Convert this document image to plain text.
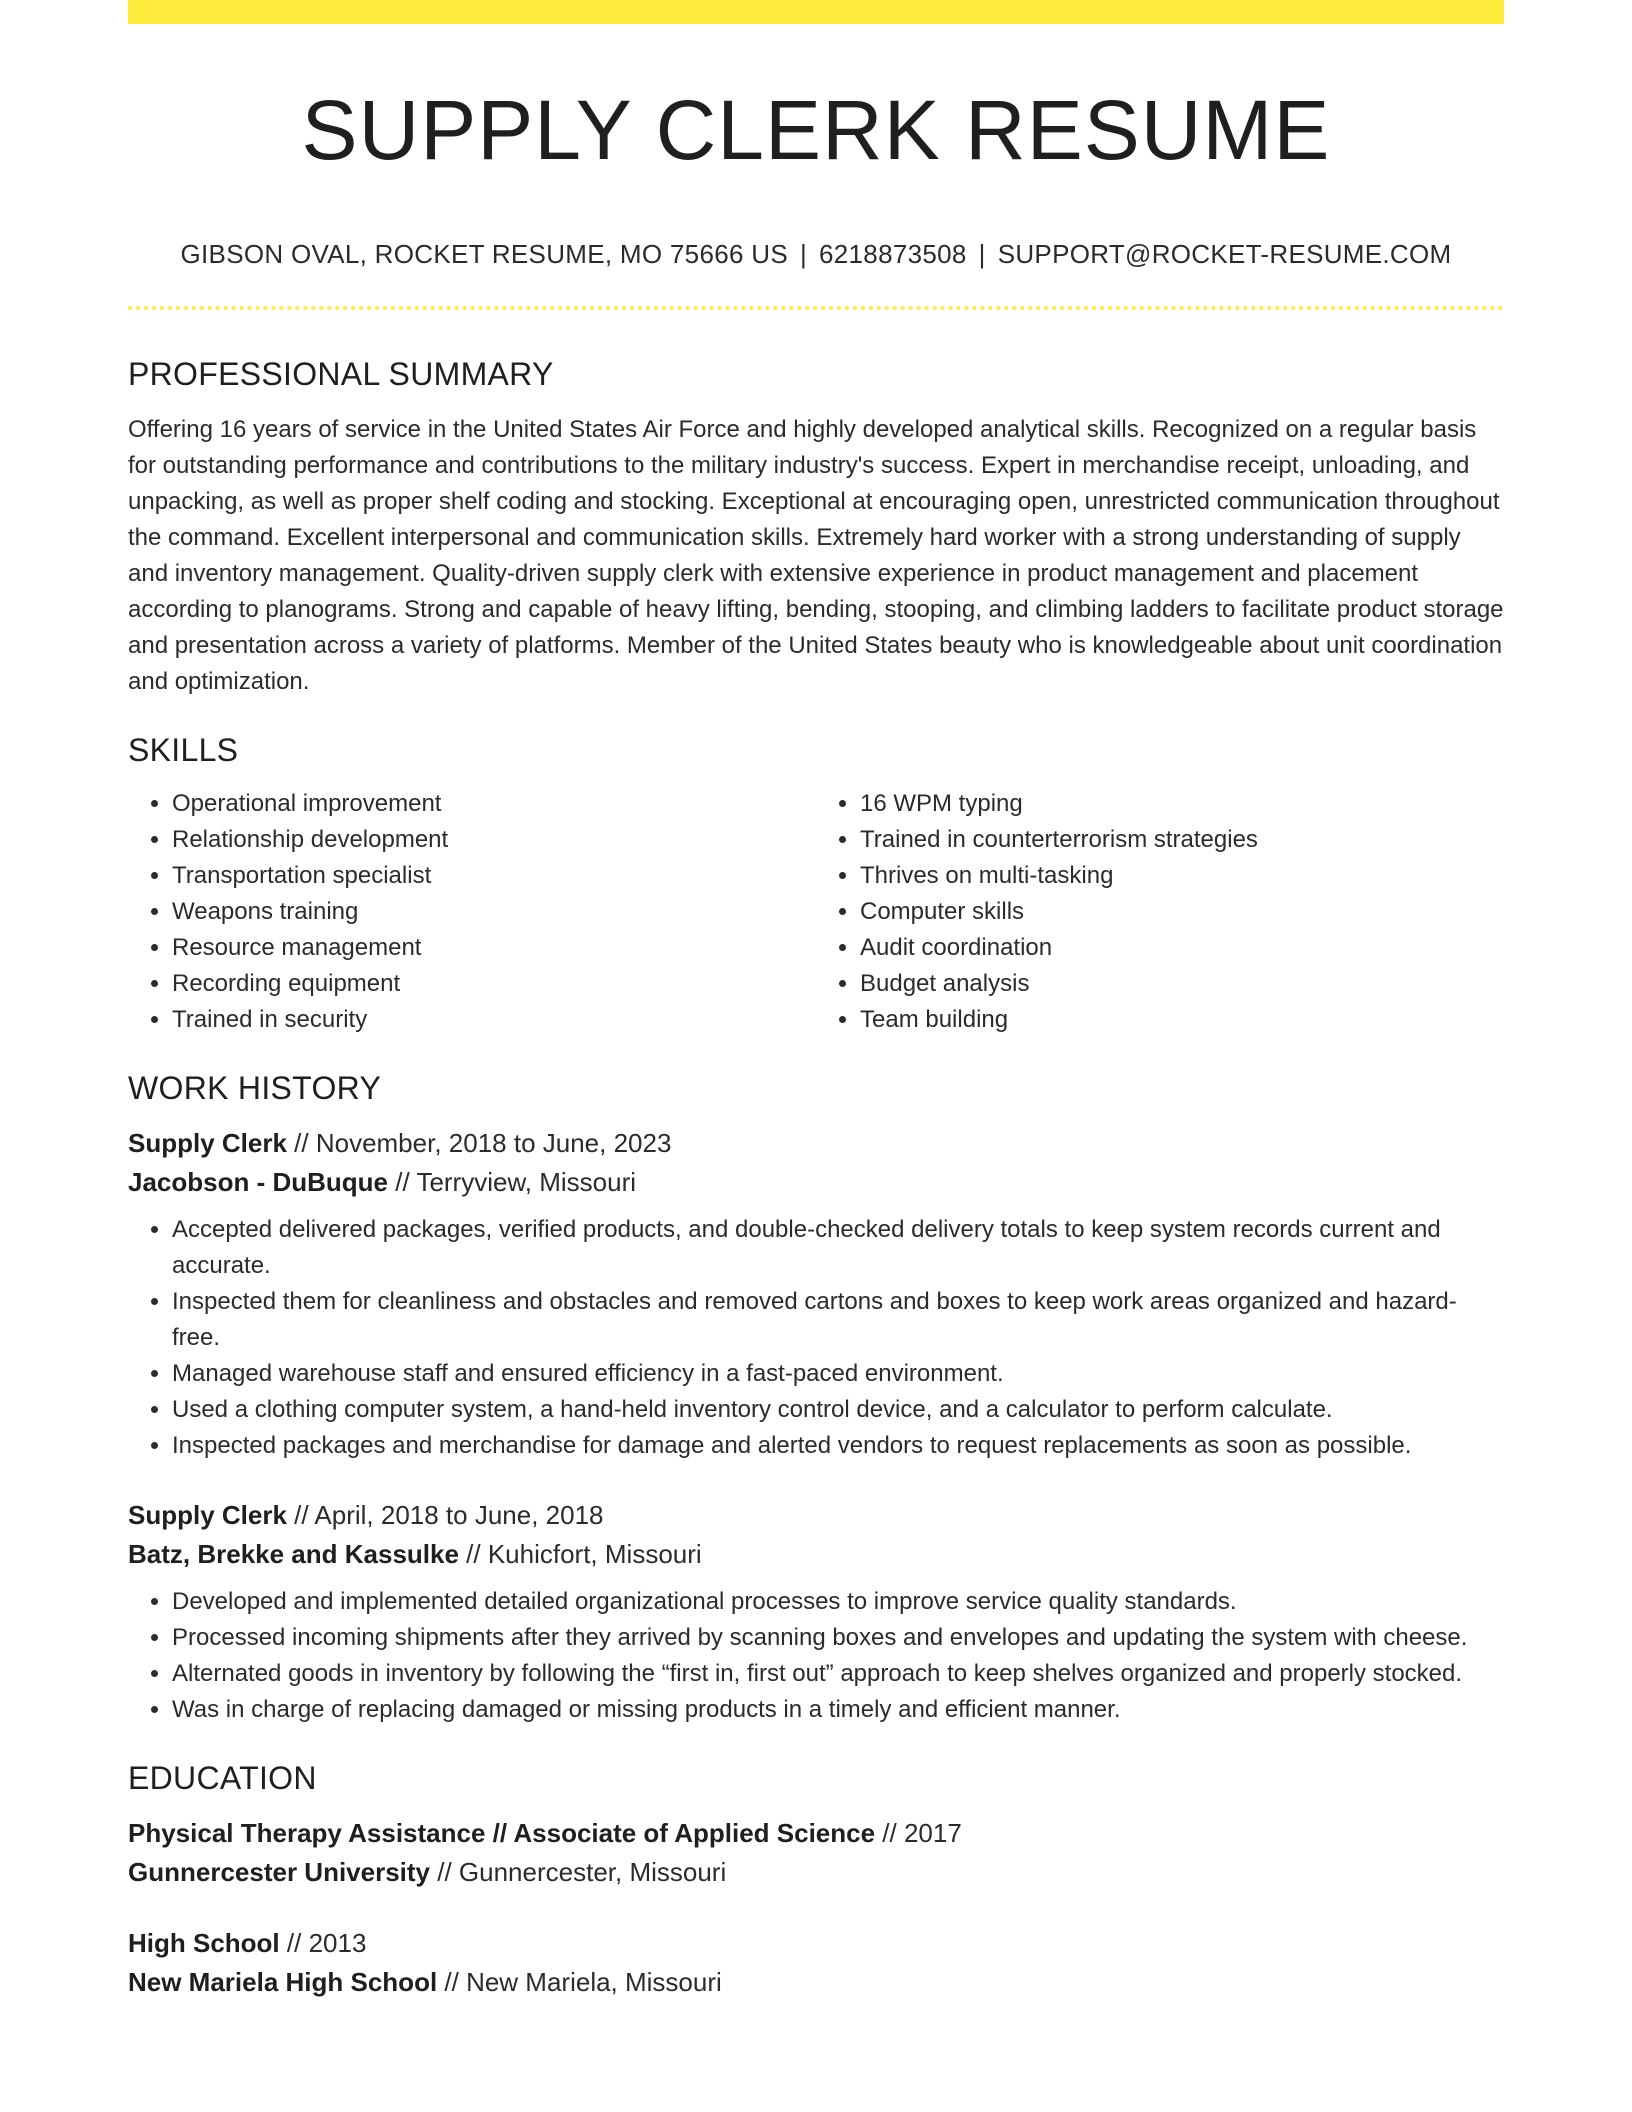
SUPPLY CLERK RESUME
GIBSON OVAL, ROCKET RESUME, MO 75666 US | 6218873508 | SUPPORT@ROCKET-RESUME.COM
PROFESSIONAL SUMMARY

Offering 16 years of service in the United States Air Force and highly developed analytical skills. Recognized on a regular basis for outstanding performance and contributions to the military industry's success. Expert in merchandise receipt, unloading, and unpacking, as well as proper shelf coding and stocking. Exceptional at encouraging open, unrestricted communication throughout the command. Excellent interpersonal and communication skills. Extremely hard worker with a strong understanding of supply and inventory management. Quality-driven supply clerk with extensive experience in product management and placement according to planograms. Strong and capable of heavy lifting, bending, stooping, and climbing ladders to facilitate product storage and presentation across a variety of platforms. Member of the United States beauty who is knowledgeable about unit coordination and optimization.

SKILLS
• Operational improvement
• Relationship development
• Transportation specialist
• Weapons training
• Resource management
• Recording equipment
• Trained in security
• 16 WPM typing
• Trained in counterterrorism strategies
• Thrives on multi-tasking
• Computer skills
• Audit coordination
• Budget analysis
• Team building
WORK HISTORY
Supply Clerk // November, 2018 to June, 2023
Jacobson - DuBuque // Terryview, Missouri
• Accepted delivered packages, verified products, and double-checked delivery totals to keep system records current and accurate.
• Inspected them for cleanliness and obstacles and removed cartons and boxes to keep work areas organized and hazard-free.
• Managed warehouse staff and ensured efficiency in a fast-paced environment.
• Used a clothing computer system, a hand-held inventory control device, and a calculator to perform calculate.
• Inspected packages and merchandise for damage and alerted vendors to request replacements as soon as possible.
Supply Clerk // April, 2018 to June, 2018
Batz, Brekke and Kassulke // Kuhicfort, Missouri
• Developed and implemented detailed organizational processes to improve service quality standards.
• Processed incoming shipments after they arrived by scanning boxes and envelopes and updating the system with cheese.
• Alternated goods in inventory by following the “first in, first out” approach to keep shelves organized and properly stocked.
• Was in charge of replacing damaged or missing products in a timely and efficient manner.
EDUCATION
Physical Therapy Assistance // Associate of Applied Science // 2017
Gunnercester University // Gunnercester, Missouri
High School // 2013
New Mariela High School // New Mariela, Missouri
